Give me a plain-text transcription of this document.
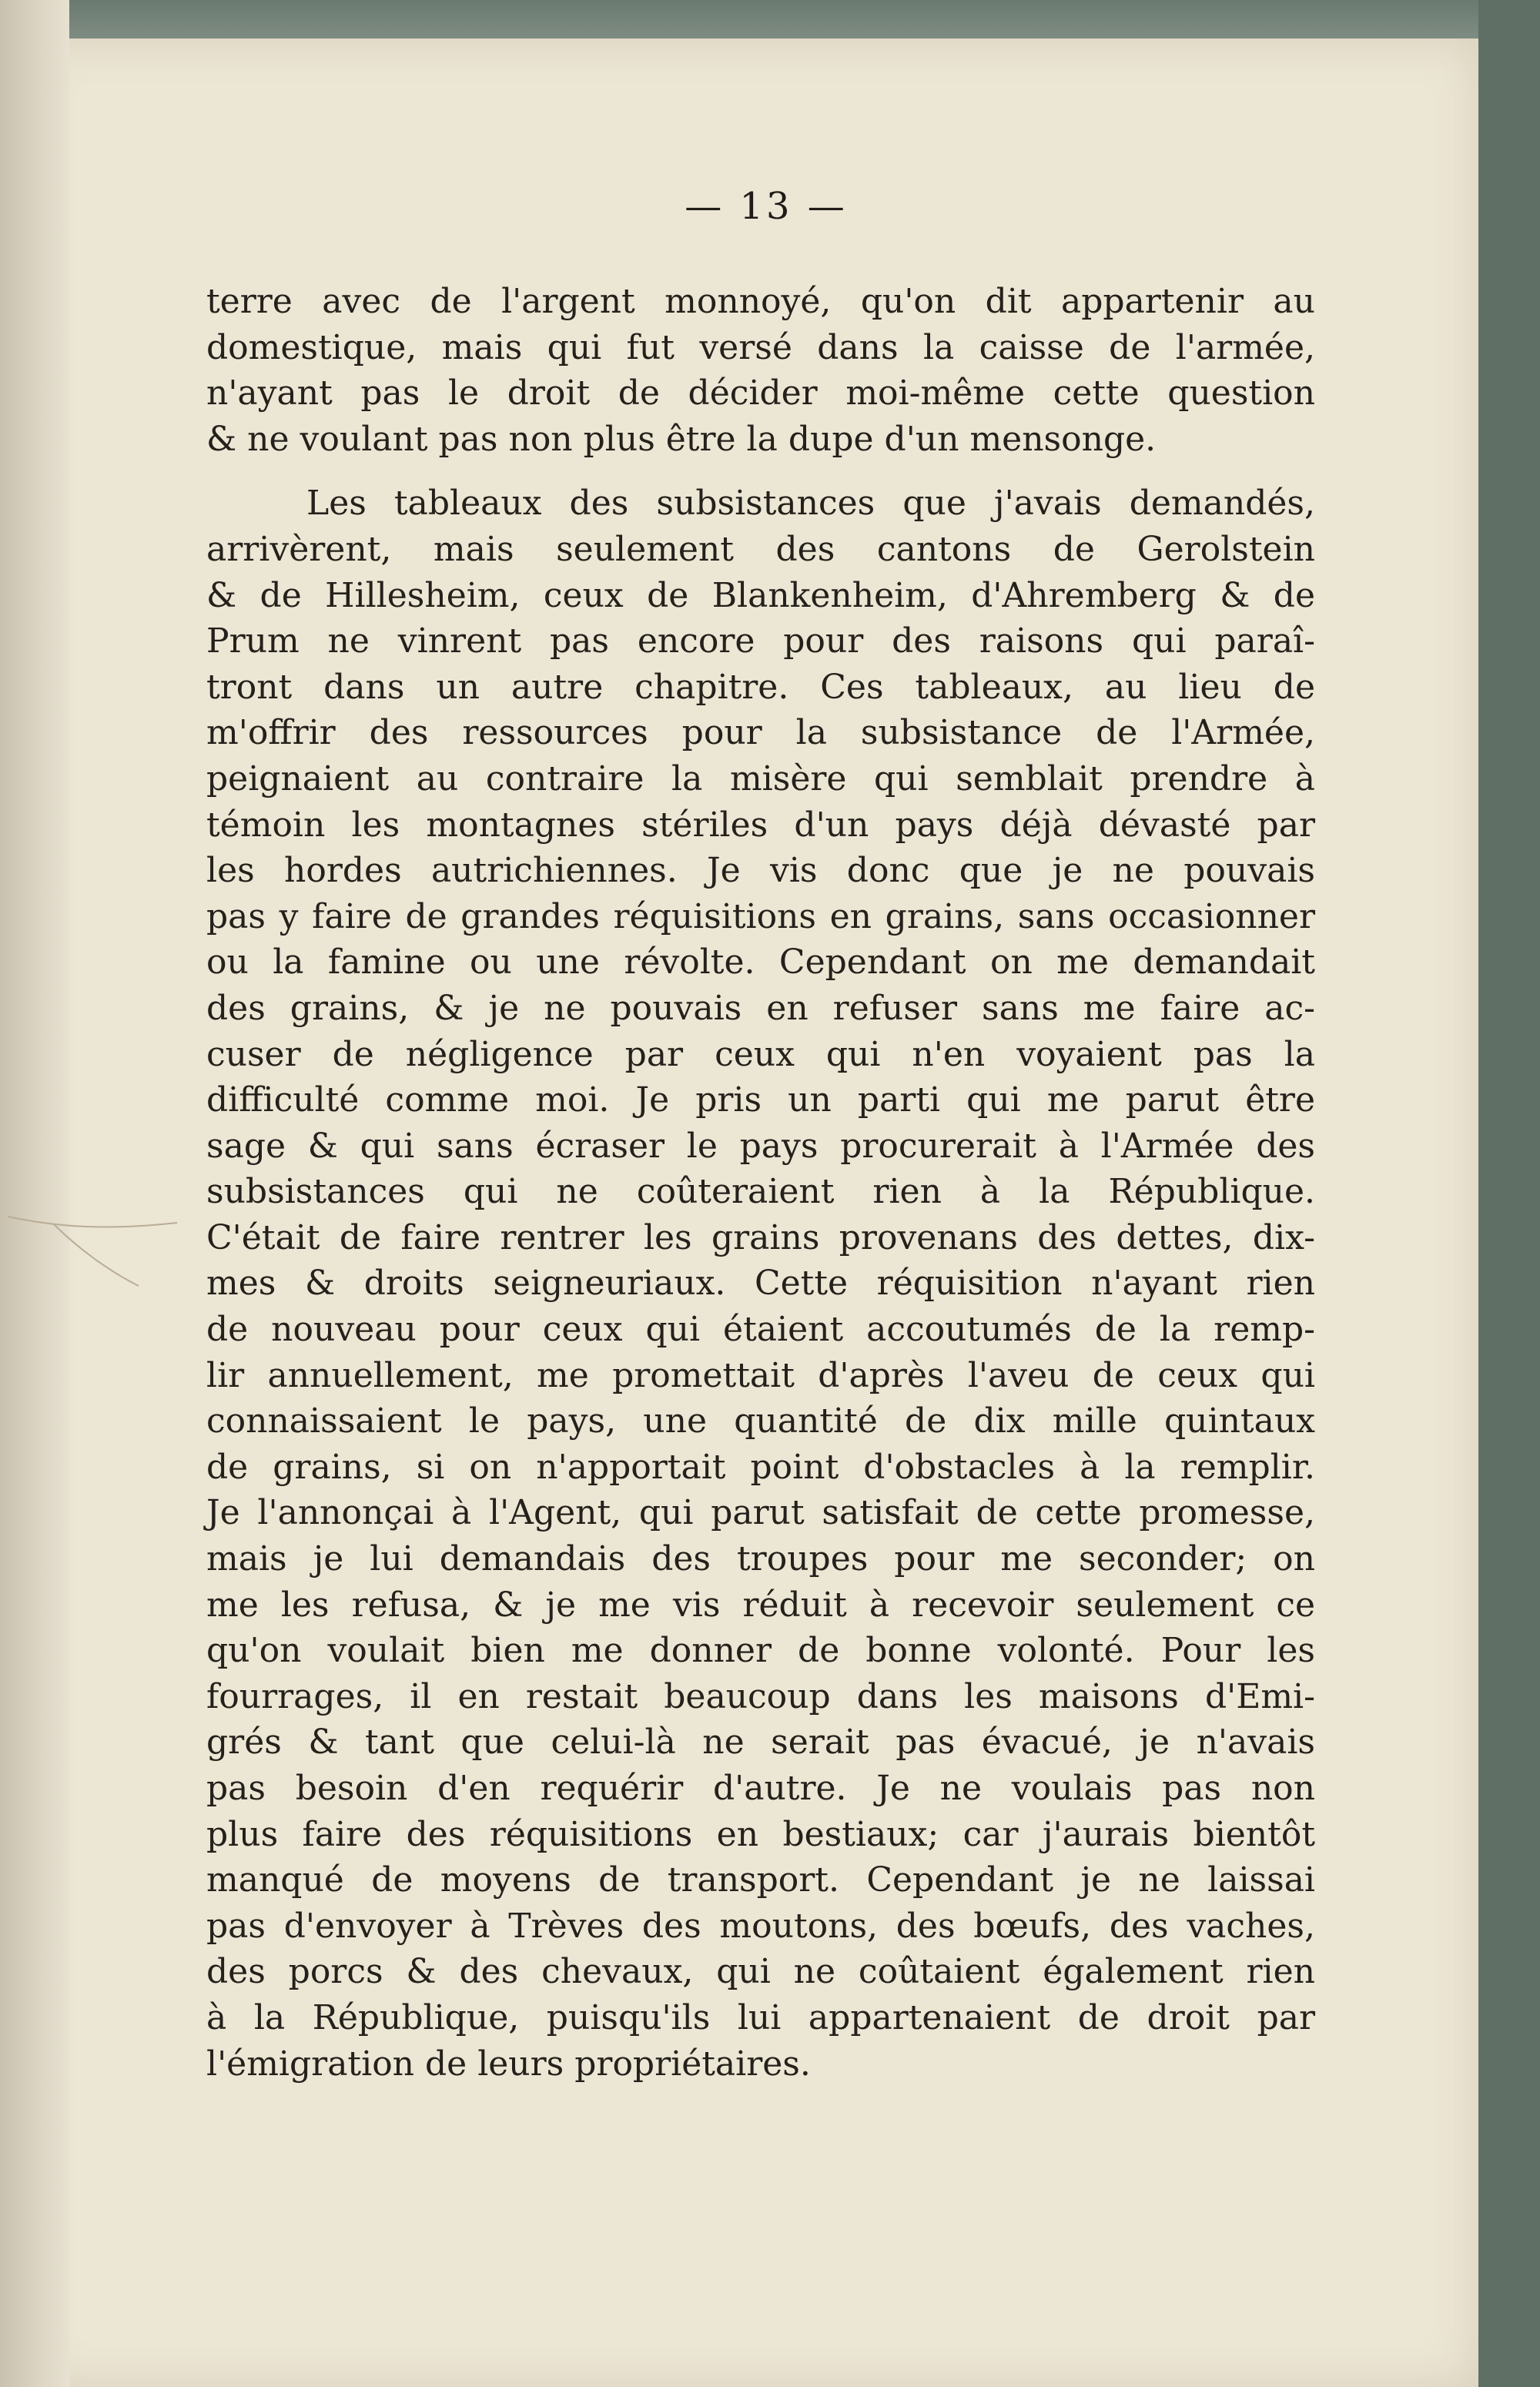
— 13 —
terre avec de l'argent monnoyé, qu'on dit appartenir au
domestique, mais qui fut versé dans la caisse de l'armée,
n'ayant pas le droit de décider moi-même cette question
& ne voulant pas non plus être la dupe d'un mensonge.
Les tableaux des subsistances que j'avais demandés,
arrivèrent, mais seulement des cantons de Gerolstein
& de Hillesheim, ceux de Blankenheim, d'Ahremberg & de
Prum ne vinrent pas encore pour des raisons qui paraî-
tront dans un autre chapitre. Ces tableaux, au lieu de
m'offrir des ressources pour la subsistance de l'Armée,
peignaient au contraire la misère qui semblait prendre à
témoin les montagnes stériles d'un pays déjà dévasté par
les hordes autrichiennes. Je vis donc que je ne pouvais
pas y faire de grandes réquisitions en grains, sans occasionner
ou la famine ou une révolte. Cependant on me demandait
des grains, & je ne pouvais en refuser sans me faire ac-
cuser de négligence par ceux qui n'en voyaient pas la
difficulté comme moi. Je pris un parti qui me parut être
sage & qui sans écraser le pays procurerait à l'Armée des
subsistances qui ne coûteraient rien à la République.
C'était de faire rentrer les grains provenans des dettes, dix-
mes & droits seigneuriaux. Cette réquisition n'ayant rien
de nouveau pour ceux qui étaient accoutumés de la remp-
lir annuellement, me promettait d'après l'aveu de ceux qui
connaissaient le pays, une quantité de dix mille quintaux
de grains, si on n'apportait point d'obstacles à la remplir.
Je l'annonçai à l'Agent, qui parut satisfait de cette promesse,
mais je lui demandais des troupes pour me seconder; on
me les refusa, & je me vis réduit à recevoir seulement ce
qu'on voulait bien me donner de bonne volonté. Pour les
fourrages, il en restait beaucoup dans les maisons d'Emi-
grés & tant que celui-là ne serait pas évacué, je n'avais
pas besoin d'en requérir d'autre. Je ne voulais pas non
plus faire des réquisitions en bestiaux; car j'aurais bientôt
manqué de moyens de transport. Cependant je ne laissai
pas d'envoyer à Trèves des moutons, des bœufs, des vaches,
des porcs & des chevaux, qui ne coûtaient également rien
à la République, puisqu'ils lui appartenaient de droit par
l'émigration de leurs propriétaires.
